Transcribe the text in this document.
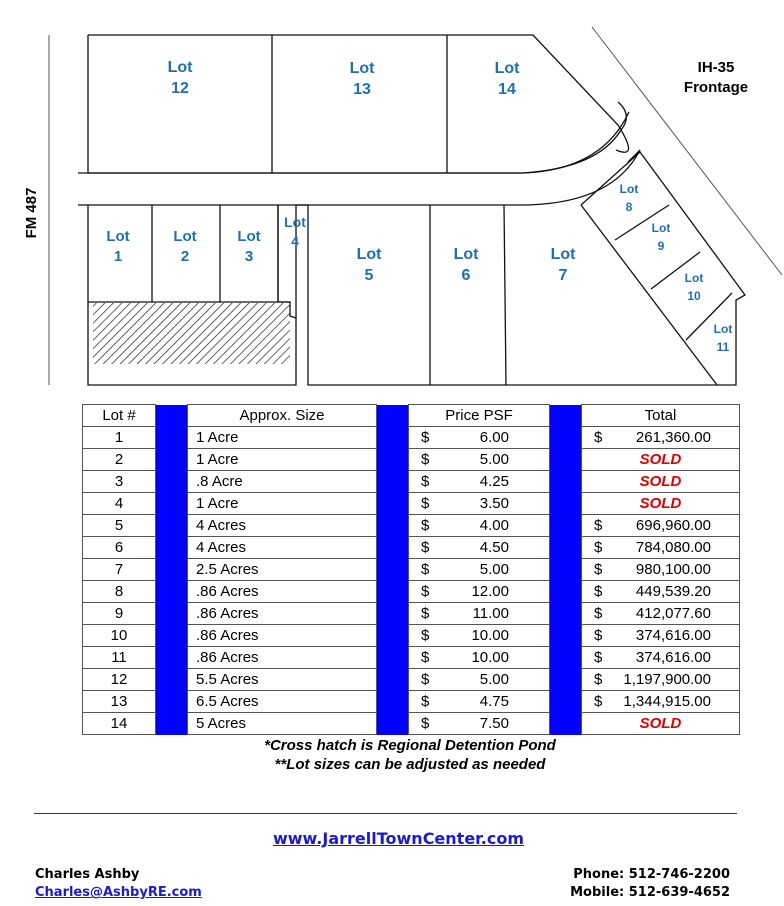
FM 487
IH-35
Frontage
Lot
12
Lot
13
Lot
14
Lot
1
Lot
2
Lot
3
Lot
4
Lot
5
Lot
6
Lot
7
Lot
8
Lot
9
Lot
10
Lot
11
Lot #		Approx. Size		Price PSF		Total
1		1 Acre		$ 6.00		$ 261,360.00

2		1 Acre		$ 5.00		SOLD

3		.8 Acre		$ 4.25		SOLD

4		1 Acre		$ 3.50		SOLD

5		4 Acres		$ 4.00		$ 696,960.00

6		4 Acres		$ 4.50		$ 784,080.00

7		2.5 Acres		$ 5.00		$ 980,100.00

8		.86 Acres		$ 12.00		$ 449,539.20

9		.86 Acres		$ 11.00		$ 412,077.60

10		.86 Acres		$ 10.00		$ 374,616.00

11		.86 Acres		$ 10.00		$ 374,616.00

12		5.5 Acres		$ 5.00		$ 1,197,900.00

13		6.5 Acres		$ 4.75		$ 1,344,915.00

14		5 Acres		$ 7.50		SOLD
*Cross hatch is Regional Detention Pond
**Lot sizes can be adjusted as needed
www.JarrellTownCenter.com
Charles Ashby
Charles@AshbyRE.com
Phone: 512-746-2200
Mobile: 512-639-4652
